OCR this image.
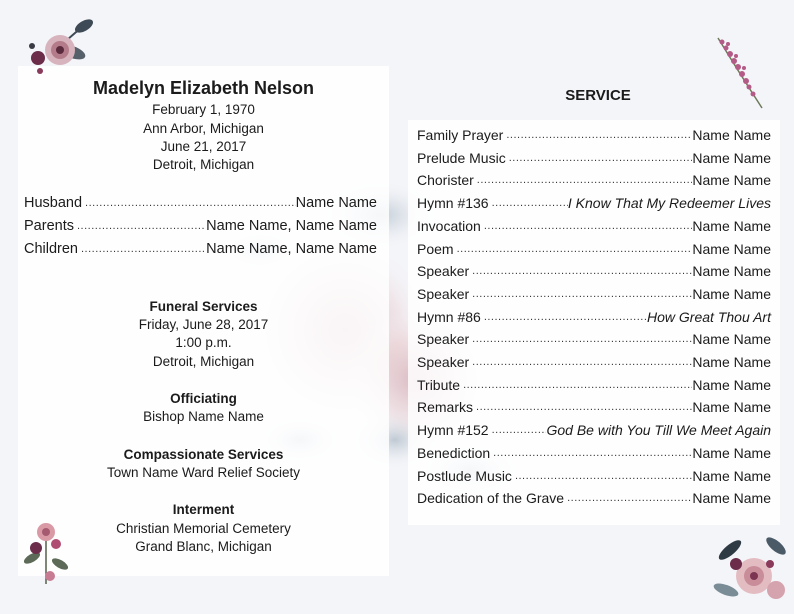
Madelyn Elizabeth Nelson
February 1, 1970
Ann Arbor, Michigan
June 21, 2017
Detroit, Michigan
Husband .....	Name Name
Parents .....	Name Name, Name Name
Children .....	Name Name, Name Name
Funeral Services
Friday, June 28, 2017
1:00 p.m.
Detroit, Michigan
Officiating
Bishop Name Name
Compassionate Services
Town Name Ward Relief Society
Interment
Christian Memorial Cemetery
Grand Blanc, Michigan
SERVICE
Family Prayer .....	Name Name
Prelude Music .....	Name Name
Chorister .....	Name Name
Hymn #136 .....	I Know That My Redeemer Lives
Invocation .....	Name Name
Poem .....	Name Name
Speaker .....	Name Name
Speaker .....	Name Name
Hymn #86 .....	How Great Thou Art
Speaker .....	Name Name
Speaker .....	Name Name
Tribute .....	Name Name
Remarks .....	Name Name
Hymn #152 .....	God Be with You Till We Meet Again
Benediction .....	Name Name
Postlude Music .....	Name Name
Dedication of the Grave .....	Name Name
